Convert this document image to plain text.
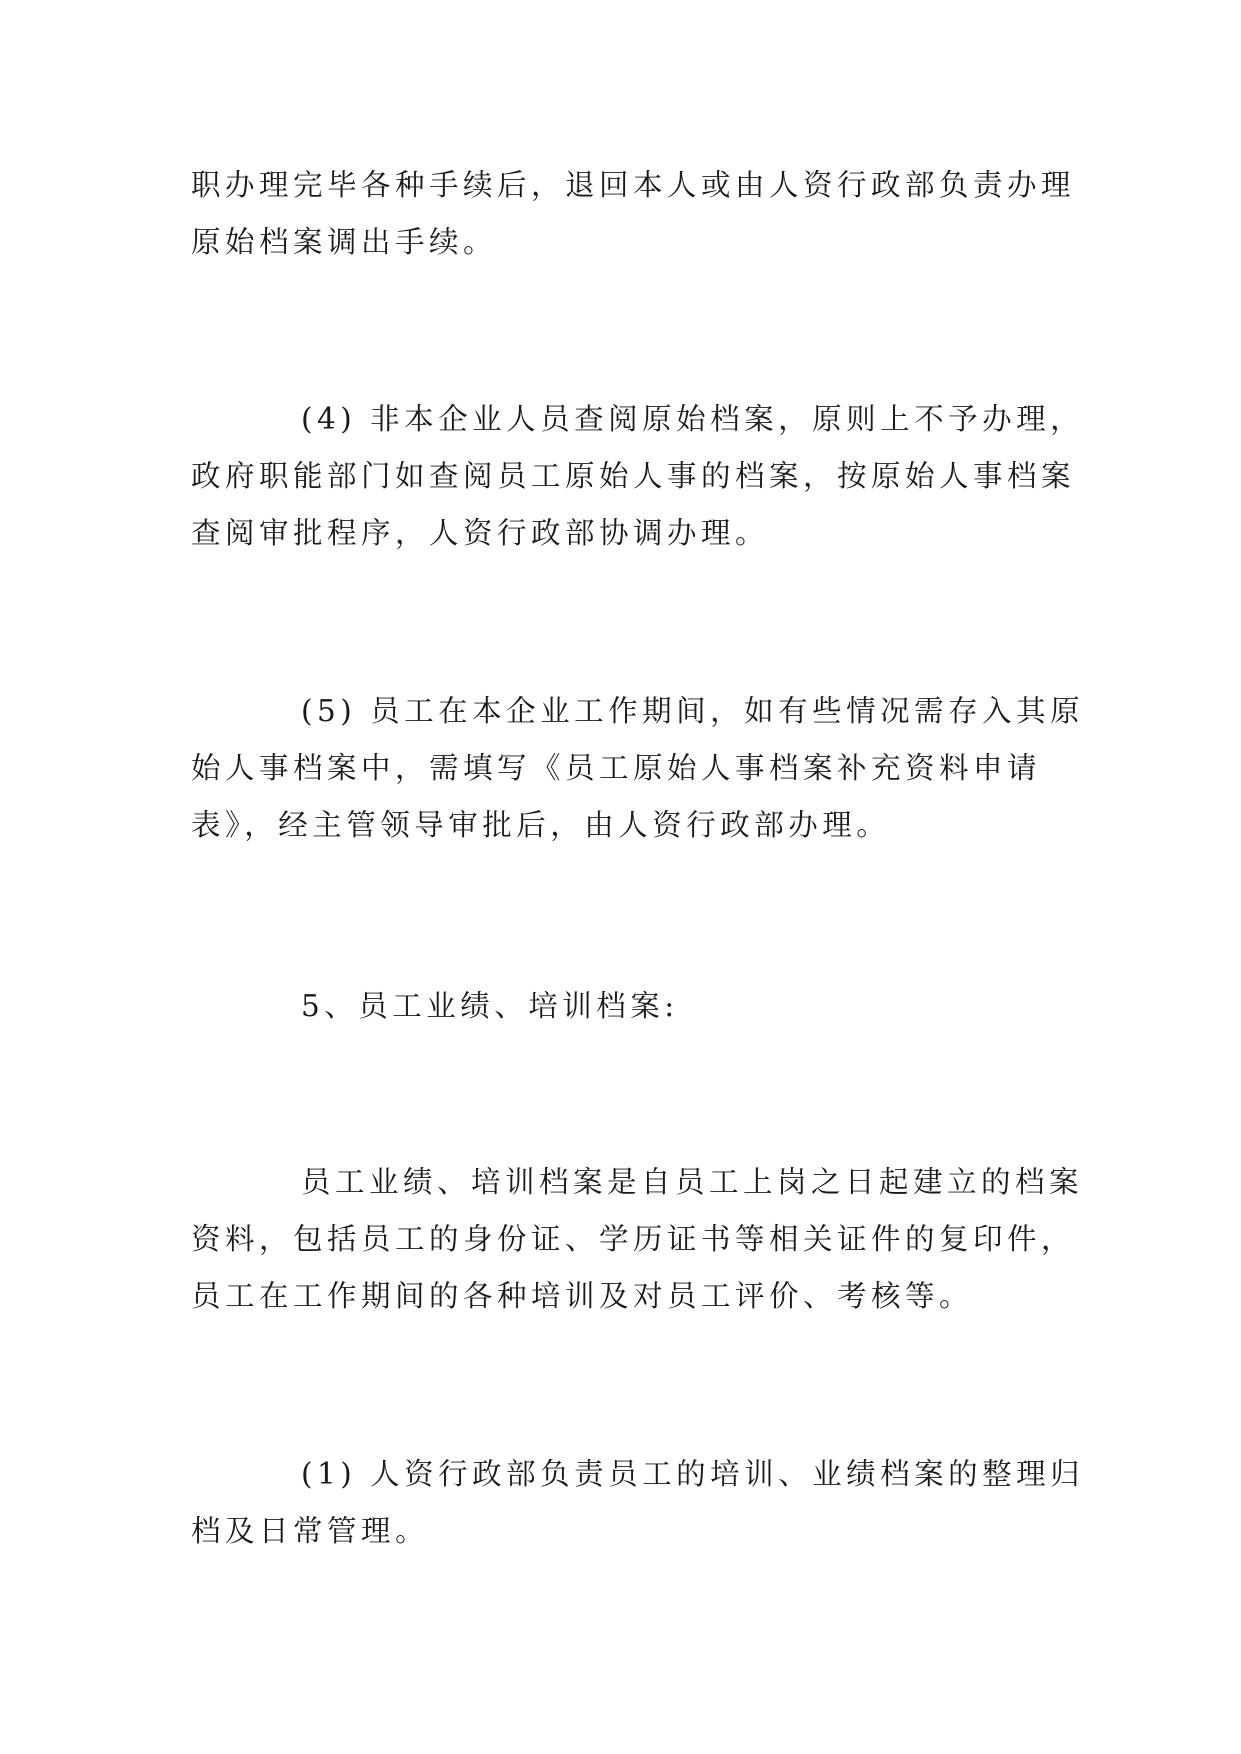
职办理完毕各种手续后，退回本人或由人资行政部负责办理
原始档案调出手续。
(4) 非本企业人员查阅原始档案，原则上不予办理，
政府职能部门如查阅员工原始人事的档案，按原始人事档案
查阅审批程序，人资行政部协调办理。
(5) 员工在本企业工作期间，如有些情况需存入其原
始人事档案中，需填写《员工原始人事档案补充资料申请
表》，经主管领导审批后，由人资行政部办理。
5、员工业绩、培训档案:
员工业绩、培训档案是自员工上岗之日起建立的档案
资料，包括员工的身份证、学历证书等相关证件的复印件，
员工在工作期间的各种培训及对员工评价、考核等。
(1) 人资行政部负责员工的培训、业绩档案的整理归
档及日常管理。
